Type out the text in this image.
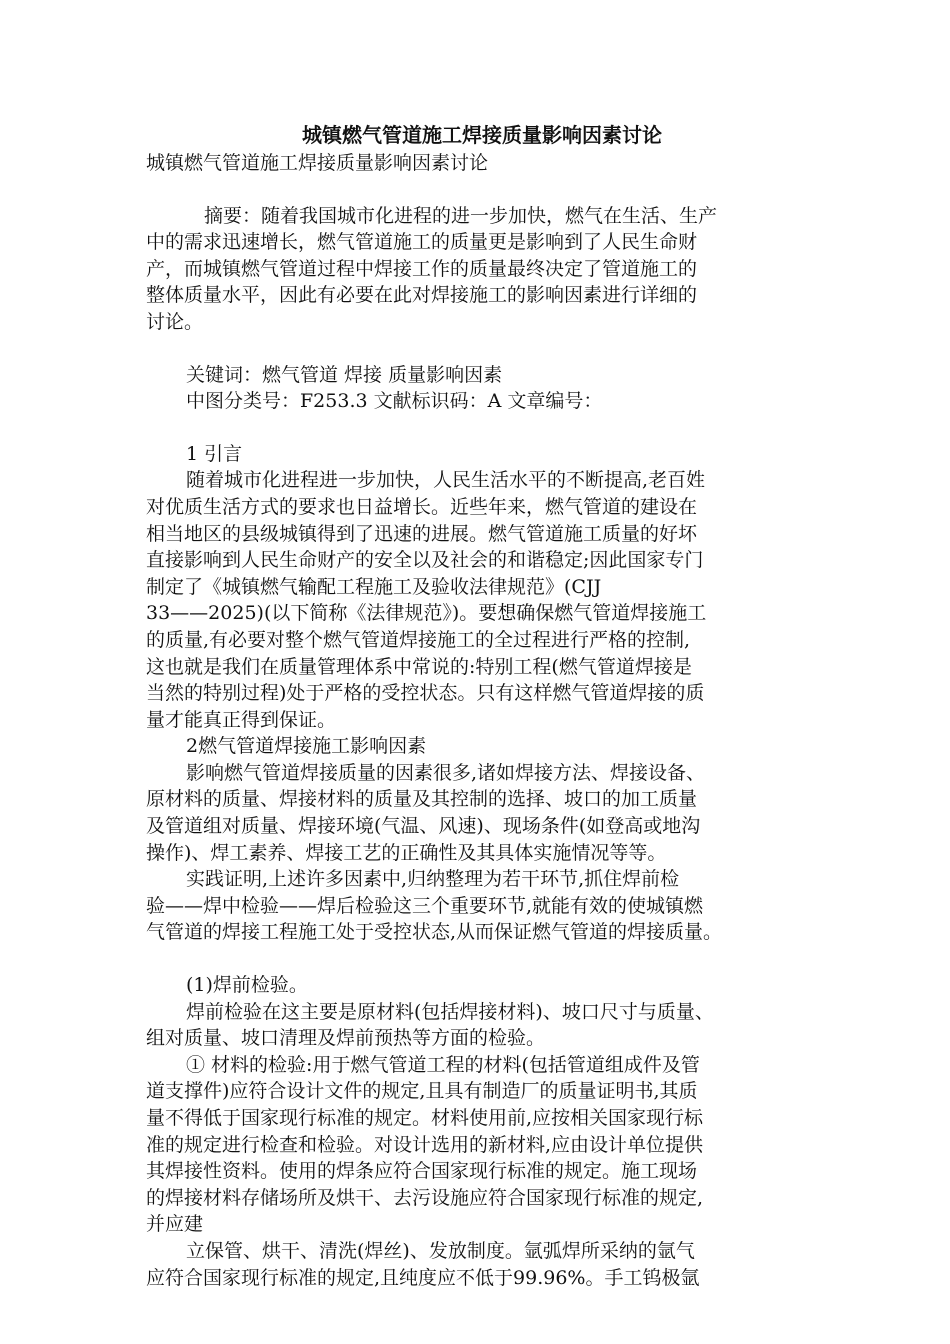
城镇燃气管道施工焊接质量影响因素讨论
城镇燃气管道施工焊接质量影响因素讨论
摘要：随着我国城市化进程的进一步加快，燃气在生活、生产
中的需求迅速增长，燃气管道施工的质量更是影响到了人民生命财
产，而城镇燃气管道过程中焊接工作的质量最终决定了管道施工的
整体质量水平，因此有必要在此对焊接施工的影响因素进行详细的
讨论。
关键词：燃气管道 焊接 质量影响因素
中图分类号：F253.3 文献标识码：A 文章编号：
1 引言
随着城市化进程进一步加快，人民生活水平的不断提高,老百姓
对优质生活方式的要求也日益增长。近些年来，燃气管道的建设在
相当地区的县级城镇得到了迅速的进展。燃气管道施工质量的好坏
直接影响到人民生命财产的安全以及社会的和谐稳定;因此国家专门
制定了《城镇燃气输配工程施工及验收法律规范》(CJJ
33——2025)(以下简称《法律规范》)。要想确保燃气管道焊接施工
的质量,有必要对整个燃气管道焊接施工的全过程进行严格的控制,
这也就是我们在质量管理体系中常说的:特别工程(燃气管道焊接是
当然的特别过程)处于严格的受控状态。只有这样燃气管道焊接的质
量才能真正得到保证。
2燃气管道焊接施工影响因素
影响燃气管道焊接质量的因素很多,诸如焊接方法、焊接设备、
原材料的质量、焊接材料的质量及其控制的选择、坡口的加工质量
及管道组对质量、焊接环境(气温、风速)、现场条件(如登高或地沟
操作)、焊工素养、焊接工艺的正确性及其具体实施情况等等。
实践证明,上述许多因素中,归纳整理为若干环节,抓住焊前检
验——焊中检验——焊后检验这三个重要环节,就能有效的使城镇燃
气管道的焊接工程施工处于受控状态,从而保证燃气管道的焊接质量。
(1)焊前检验。
焊前检验在这主要是原材料(包括焊接材料)、坡口尺寸与质量、
组对质量、坡口清理及焊前预热等方面的检验。
① 材料的检验:用于燃气管道工程的材料(包括管道组成件及管
道支撑件)应符合设计文件的规定,且具有制造厂的质量证明书,其质
量不得低于国家现行标准的规定。材料使用前,应按相关国家现行标
准的规定进行检查和检验。对设计选用的新材料,应由设计单位提供
其焊接性资料。使用的焊条应符合国家现行标准的规定。施工现场
的焊接材料存储场所及烘干、去污设施应符合国家现行标准的规定,
并应建
立保管、烘干、清洗(焊丝)、发放制度。氩弧焊所采纳的氩气
应符合国家现行标准的规定,且纯度应不低于99.96%。手工钨极氩
